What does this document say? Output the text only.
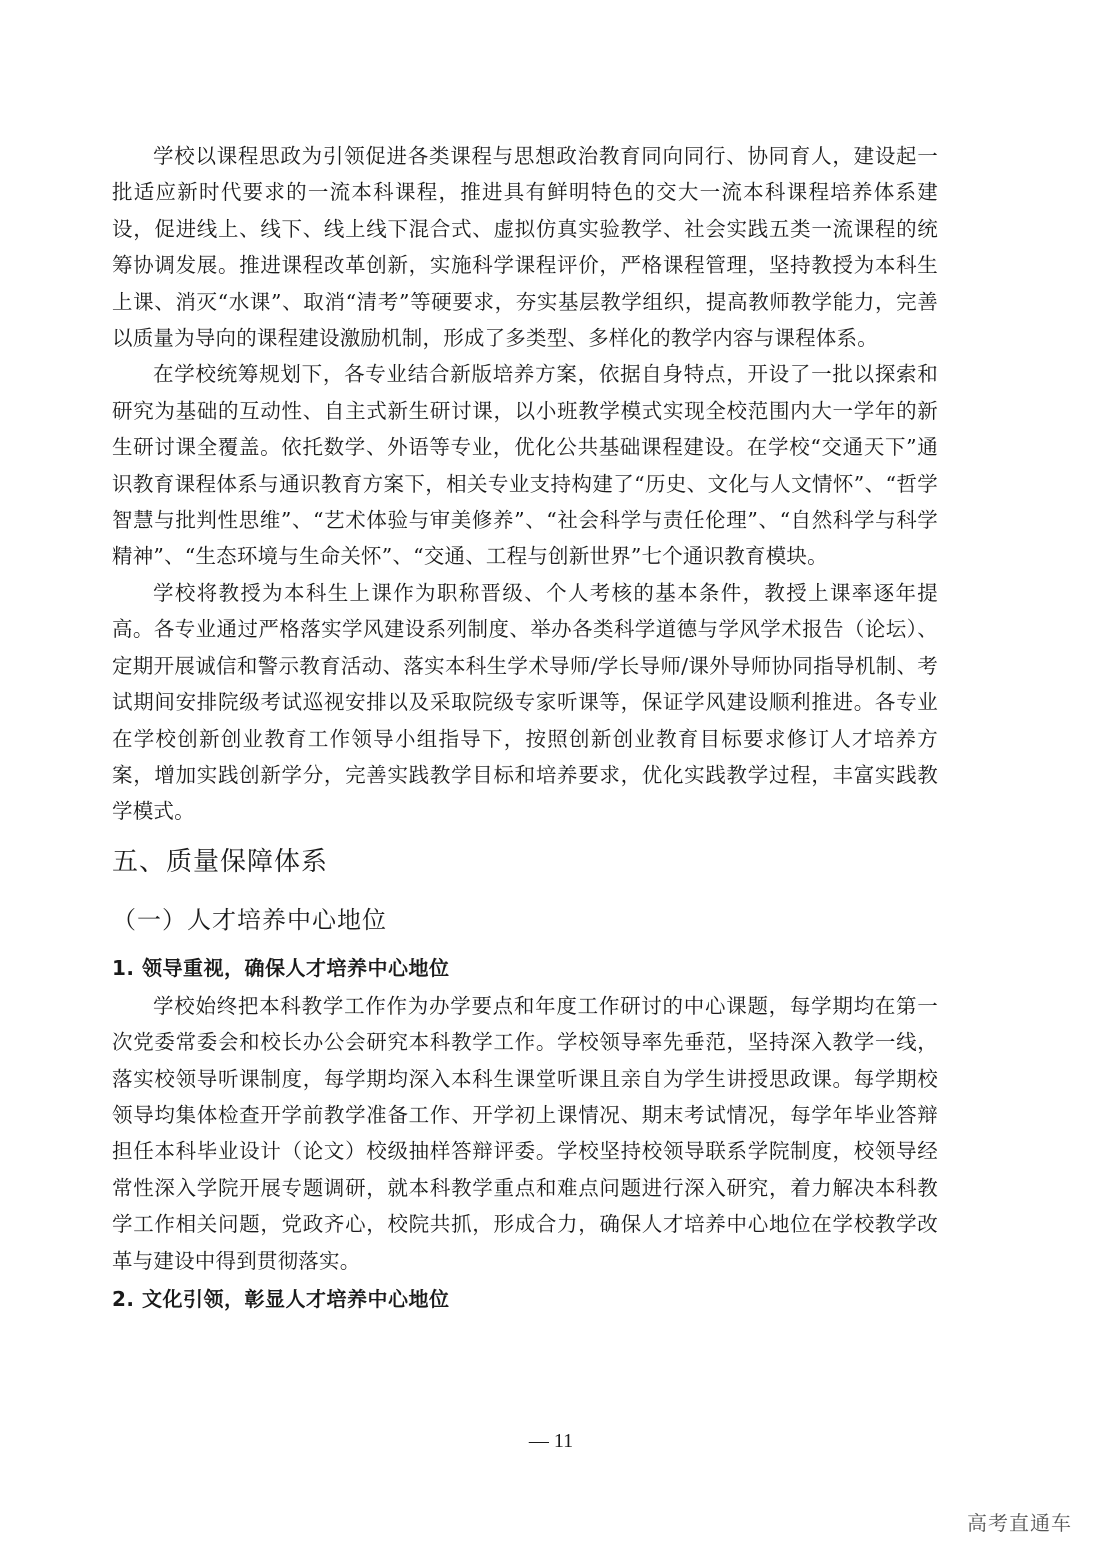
学校以课程思政为引领促进各类课程与思想政治教育同向同行、协同育人，建设起一批适应新时代要求的一流本科课程，推进具有鲜明特色的交大一流本科课程培养体系建设，促进线上、线下、线上线下混合式、虚拟仿真实验教学、社会实践五类一流课程的统筹协调发展。推进课程改革创新，实施科学课程评价，严格课程管理，坚持教授为本科生上课、消灭“水课”、取消“清考”等硬要求，夯实基层教学组织，提高教师教学能力，完善以质量为导向的课程建设激励机制，形成了多类型、多样化的教学内容与课程体系。

在学校统筹规划下，各专业结合新版培养方案，依据自身特点，开设了一批以探索和研究为基础的互动性、自主式新生研讨课，以小班教学模式实现全校范围内大一学年的新生研讨课全覆盖。依托数学、外语等专业，优化公共基础课程建设。在学校“交通天下”通识教育课程体系与通识教育方案下，相关专业支持构建了“历史、文化与人文情怀”、“哲学智慧与批判性思维”、“艺术体验与审美修养”、“社会科学与责任伦理”、“自然科学与科学精神”、“生态环境与生命关怀”、“交通、工程与创新世界”七个通识教育模块。

学校将教授为本科生上课作为职称晋级、个人考核的基本条件，教授上课率逐年提高。各专业通过严格落实学风建设系列制度、举办各类科学道德与学风学术报告（论坛）、定期开展诚信和警示教育活动、落实本科生学术导师/学长导师/课外导师协同指导机制、考试期间安排院级考试巡视安排以及采取院级专家听课等，保证学风建设顺利推进。各专业在学校创新创业教育工作领导小组指导下，按照创新创业教育目标要求修订人才培养方案，增加实践创新学分，完善实践教学目标和培养要求，优化实践教学过程，丰富实践教学模式。

五、质量保障体系
（一）人才培养中心地位
1. 领导重视，确保人才培养中心地位

学校始终把本科教学工作作为办学要点和年度工作研讨的中心课题，每学期均在第一次党委常委会和校长办公会研究本科教学工作。学校领导率先垂范，坚持深入教学一线，落实校领导听课制度，每学期均深入本科生课堂听课且亲自为学生讲授思政课。每学期校领导均集体检查开学前教学准备工作、开学初上课情况、期末考试情况，每学年毕业答辩担任本科毕业设计（论文）校级抽样答辩评委。学校坚持校领导联系学院制度，校领导经常性深入学院开展专题调研，就本科教学重点和难点问题进行深入研究，着力解决本科教学工作相关问题，党政齐心，校院共抓，形成合力，确保人才培养中心地位在学校教学改革与建设中得到贯彻落实。

2. 文化引领，彰显人才培养中心地位
— 11
高考直通车
